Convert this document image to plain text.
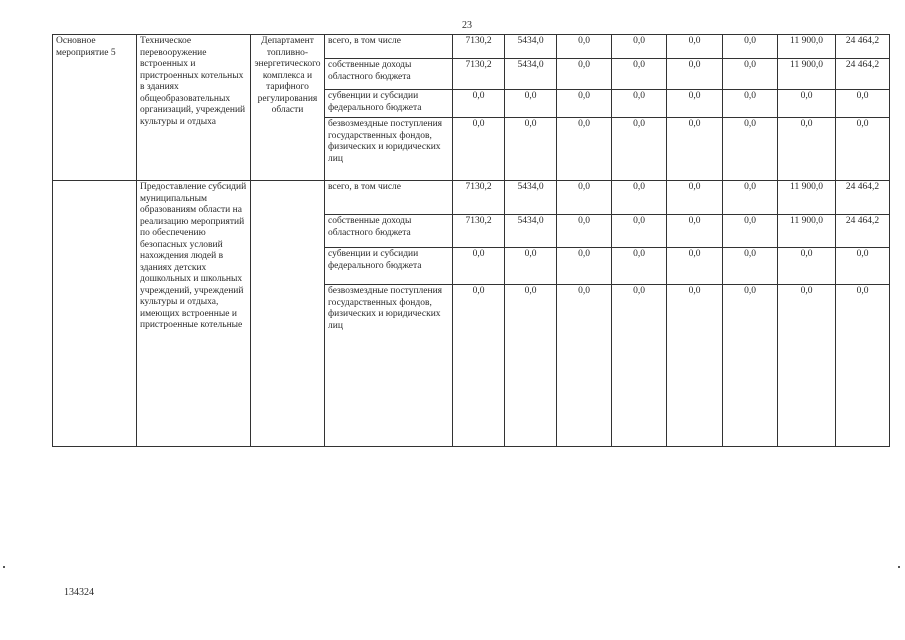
23
Основное мероприятие 5	Техническое перевооружение встроенных и пристроенных котельных в зданиях общеобразовательных организаций, учреждений культуры и отдыха	Департамент топливно-энергетического комплекса и тарифного регулирования области	всего, в том числе	7130,2	5434,0	0,0	0,0	0,0	0,0	11 900,0	24 464,2
			собственные доходы областного бюджета	7130,2	5434,0	0,0	0,0	0,0	0,0	11 900,0	24 464,2
			субвенции и субсидии федерального бюджета	0,0	0,0	0,0	0,0	0,0	0,0	0,0	0,0
			безвозмездные поступления государственных фондов, физических и юридических лиц	0,0	0,0	0,0	0,0	0,0	0,0	0,0	0,0
	Предоставление субсидий муниципальным образованиям области на реализацию мероприятий по обеспечению безопасных условий нахождения людей в зданиях детских дошкольных и школьных учреждений, учреждений культуры и отдыха, имеющих встроенные и пристроенные котельные		всего, в том числе	7130,2	5434,0	0,0	0,0	0,0	0,0	11 900,0	24 464,2
			собственные доходы областного бюджета	7130,2	5434,0	0,0	0,0	0,0	0,0	11 900,0	24 464,2
			субвенции и субсидии федерального бюджета	0,0	0,0	0,0	0,0	0,0	0,0	0,0	0,0
			безвозмездные поступления государственных фондов, физических и юридических лиц	0,0	0,0	0,0	0,0	0,0	0,0	0,0	0,0
134324
